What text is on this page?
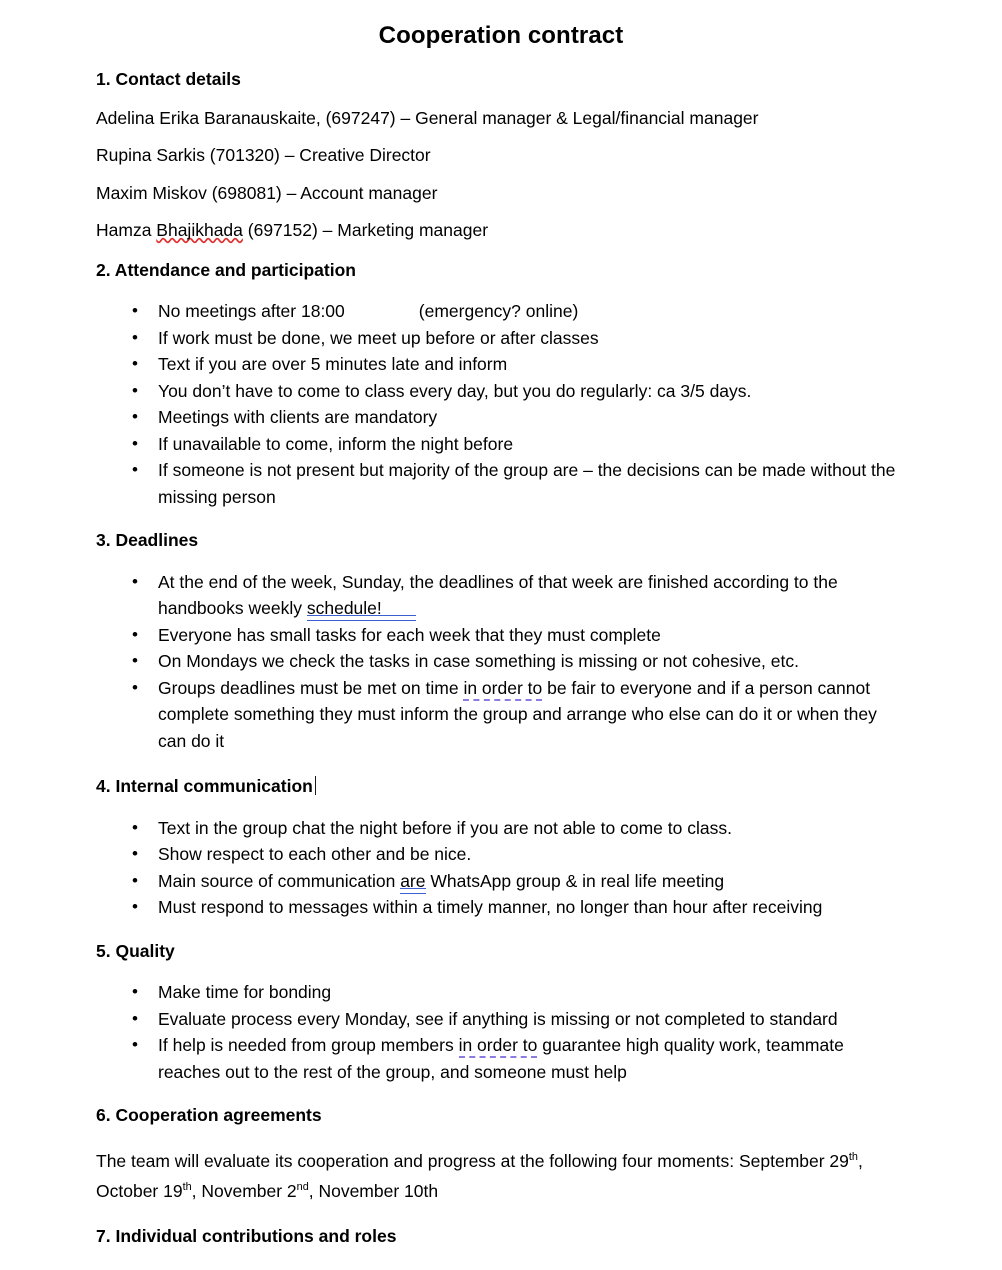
Cooperation contract
1. Contact details
Adelina Erika Baranauskaite, (697247) – General manager & Legal/financial manager
Rupina Sarkis (701320) – Creative Director
Maxim Miskov (698081) – Account manager
Hamza Bhajikhada (697152) – Marketing manager
2. Attendance and participation
• No meetings after 18:00	(emergency? online)
• If work must be done, we meet up before or after classes
• Text if you are over 5 minutes late and inform
• You don’t have to come to class every day, but you do regularly: ca 3/5 days.
• Meetings with clients are mandatory
• If unavailable to come, inform the night before
• If someone is not present but majority of the group are – the decisions can be made without the missing person
3. Deadlines
• At the end of the week, Sunday, the deadlines of that week are finished according to the handbooks weekly schedule!
• Everyone has small tasks for each week that they must complete
• On Mondays we check the tasks in case something is missing or not cohesive, etc.
• Groups deadlines must be met on time in order to be fair to everyone and if a person cannot complete something they must inform the group and arrange who else can do it or when they can do it
4. Internal communication
• Text in the group chat the night before if you are not able to come to class.
• Show respect to each other and be nice.
• Main source of communication are WhatsApp group & in real life meeting
• Must respond to messages within a timely manner, no longer than hour after receiving
5. Quality
• Make time for bonding
• Evaluate process every Monday, see if anything is missing or not completed to standard
• If help is needed from group members in order to guarantee high quality work, teammate reaches out to the rest of the group, and someone must help
6. Cooperation agreements
The team will evaluate its cooperation and progress at the following four moments: September 29th, October 19th, November 2nd, November 10th
7. Individual contributions and roles
